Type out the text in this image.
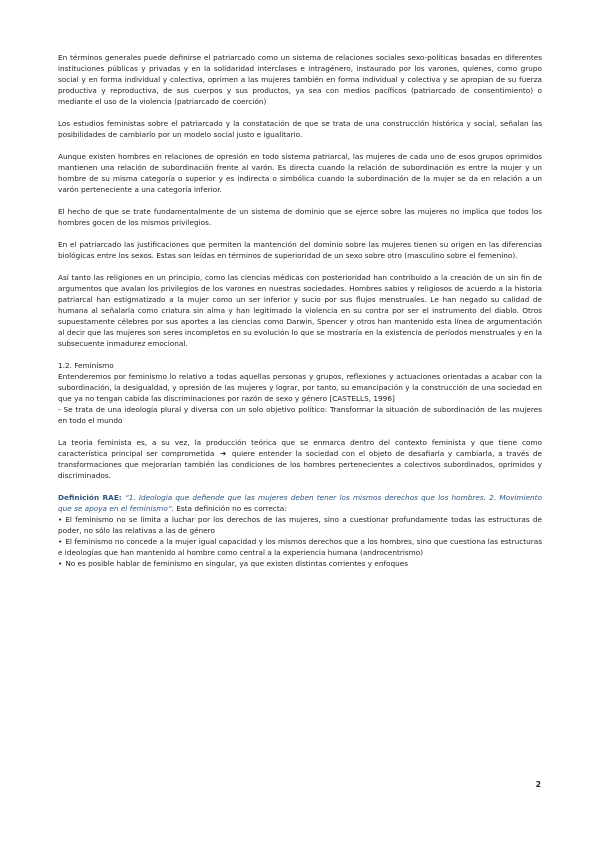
En términos generales puede definirse el patriarcado como un sistema de relaciones sociales sexo-políticas basadas en diferentes instituciones públicas y privadas y en la solidaridad interclases e intragénero, instaurado por los varones, quienes, como grupo social y en forma individual y colectiva, oprimen a las mujeres también en forma individual y colectiva y se apropian de su fuerza productiva y reproductiva, de sus cuerpos y sus productos, ya sea con medios pacíficos (patriarcado de consentimiento) o mediante el uso de la violencia (patriarcado de coerción)

Los estudios feministas sobre el patriarcado y la constatación de que se trata de una construcción histórica y social, señalan las posibilidades de cambiarlo por un modelo social justo e igualitario.

Aunque existen hombres en relaciones de opresión en todo sistema patriarcal, las mujeres de cada uno de esos grupos oprimidos mantienen una relación de subordinación frente al varón. Es directa cuando la relación de subordinación es entre la mujer y un hombre de su misma categoría o superior y es indirecta o simbólica cuando la subordinación de la mujer se da en relación a un varón perteneciente a una categoría inferior.

El hecho de que se trate fundamentalmente de un sistema de dominio que se ejerce sobre las mujeres no implica que todos los hombres gocen de los mismos privilegios.

En el patriarcado las justificaciones que permiten la mantención del dominio sobre las mujeres tienen su origen en las diferencias biológicas entre los sexos. Estas son leídas en términos de superioridad de un sexo sobre otro (masculino sobre el femenino).

Así tanto las religiones en un principio, como las ciencias médicas con posterioridad han contribuido a la creación de un sin fin de argumentos que avalan los privilegios de los varones en nuestras sociedades. Hombres sabios y religiosos de acuerdo a la historia patriarcal han estigmatizado a la mujer como un ser inferior y sucio por sus flujos menstruales. Le han negado su calidad de humana al señalarla como criatura sin alma y han legitimado la violencia en su contra por ser el instrumento del diablo. Otros supuestamente célebres por sus aportes a las ciencias como Darwin, Spencer y otros han mantenido esta línea de argumentación al decir que las mujeres son seres incompletos en su evolución lo que se mostraría en la existencia de períodos menstruales y en la subsecuente inmadurez emocional.

1.2. Feminismo

Entenderemos por feminismo lo relativo a todas aquellas personas y grupos, reflexiones y actuaciones orientadas a acabar con la subordinación, la desigualdad, y opresión de las mujeres y lograr, por tanto, su emancipación y la construcción de una sociedad en que ya no tengan cabida las discriminaciones por razón de sexo y género [CASTELLS, 1996]

- Se trata de una ideología plural y diversa con un solo objetivo político: Transformar la situación de subordinación de las mujeres en todo el mundo

La teoría feminista es, a su vez, la producción teórica que se enmarca dentro del contexto feminista y que tiene como característica principal ser comprometida ➔ quiere entender la sociedad con el objeto de desafiarla y cambiarla, a través de transformaciones que mejorarían también las condiciones de los hombres pertenecientes a colectivos subordinados, oprimidos y discriminados.

Definición RAE: “1. Ideología que defiende que las mujeres deben tener los mismos derechos que los hombres. 2. Movimiento que se apoya en el feminismo”. Esta definición no es correcta:

• El feminismo no se limita a luchar por los derechos de las mujeres, sino a cuestionar profundamente todas las estructuras de poder, no sólo las relativas a las de género
• El feminismo no concede a la mujer igual capacidad y los mismos derechos que a los hombres, sino que cuestiona las estructuras e ideologías que han mantenido al hombre como central a la experiencia humana (androcentrismo)
• No es posible hablar de feminismo en singular, ya que existen distintas corrientes y enfoques
2
